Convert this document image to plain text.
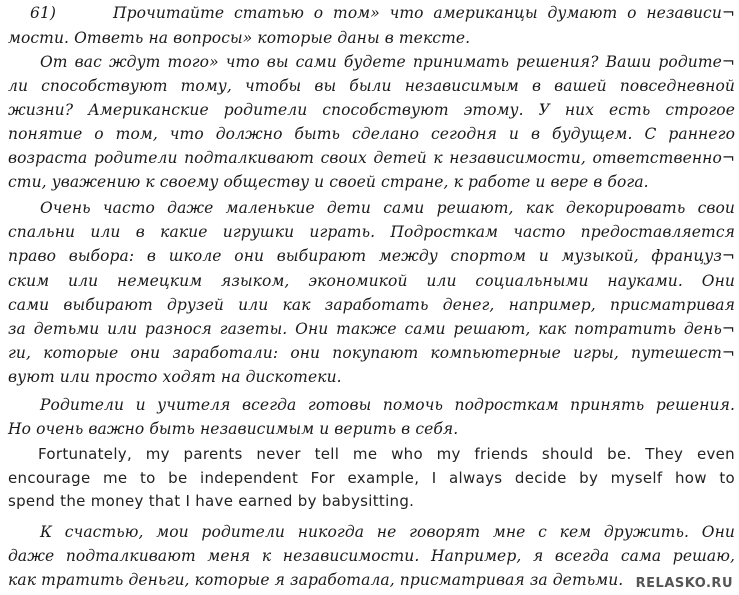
61)	Прочитайте статью о том» что американцы думают о независи¬
мости. Ответь на вопросы» которые даны в тексте.
От вас ждут того» что вы сами будете принимать решения? Ваши родите¬
ли способствуют тому, чтобы вы были независимым в вашей повседневной
жизни? Американские родители способствуют этому. У них есть строгое
понятие о том, что должно быть сделано сегодня и в будущем. С раннего
возраста родители подталкивают своих детей к независимости, ответственно¬
сти, уважению к своему обществу и своей стране, к работе и вере в бога.
Очень часто даже маленькие дети сами решают, как декорировать свои
спальни или в какие игрушки играть. Подросткам часто предоставляется
право выбора: в школе они выбирают между спортом и музыкой, француз¬
ским или немецким языком, экономикой или социальными науками. Они
сами выбирают друзей или как заработать денег, например, присматривая
за детьми или разнося газеты. Они также сами решают, как потратить день¬
ги, которые они заработали: они покупают компьютерные игры, путешест¬
вуют или просто ходят на дискотеки.
Родители и учителя всегда готовы помочь подросткам принять решения.
Но очень важно быть независимым и верить в себя.
Fortunately, my parents never tell me who my friends should be. They even
encourage me to be independent For example, I always decide by myself how to
spend the money that I have earned by babysitting.
К счастью, мои родители никогда не говорят мне с кем дружить. Они
даже подталкивают меня к независимости. Например, я всегда сама решаю,
как тратить деньги, которые я заработала, присматривая за детьми. RELASKO.RU
